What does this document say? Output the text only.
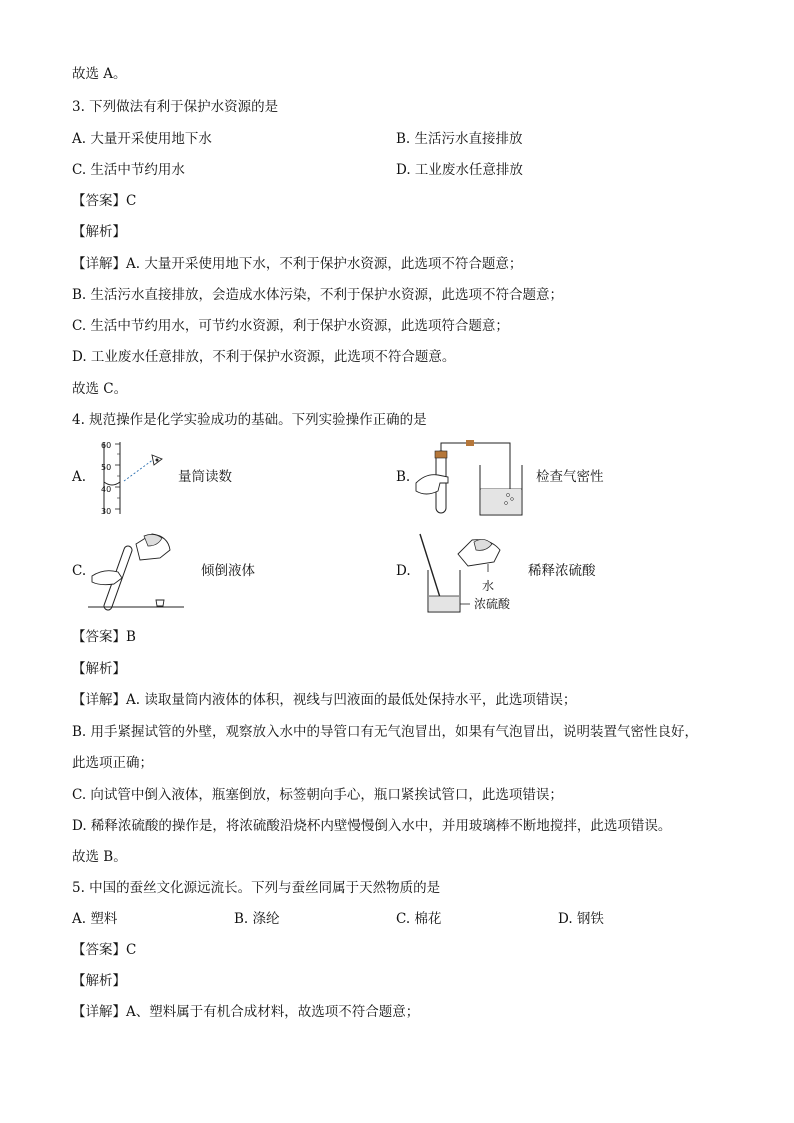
故选 A。
3. 下列做法有利于保护水资源的是
A. 大量开采使用地下水	B. 生活污水直接排放
C. 生活中节约用水	D. 工业废水任意排放
【答案】C
【解析】
【详解】A. 大量开采使用地下水，不利于保护水资源，此选项不符合题意；
B. 生活污水直接排放，会造成水体污染，不利于保护水资源，此选项不符合题意；
C. 生活中节约用水，可节约水资源，利于保护水资源，此选项符合题意；
D. 工业废水任意排放，不利于保护水资源，此选项不符合题意。
故选 C。
4. 规范操作是化学实验成功的基础。下列实验操作正确的是
A.
60
50
40
30
量筒读数	B.	检查气密性
C.	倾倒液体	D.	稀释浓硫酸
水
浓硫酸
【答案】B
【解析】
【详解】A. 读取量筒内液体的体积，视线与凹液面的最低处保持水平，此选项错误；
B. 用手紧握试管的外壁，观察放入水中的导管口有无气泡冒出，如果有气泡冒出，说明装置气密性良好，
此选项正确；
C. 向试管中倒入液体，瓶塞倒放，标签朝向手心，瓶口紧挨试管口，此选项错误；
D. 稀释浓硫酸的操作是，将浓硫酸沿烧杯内壁慢慢倒入水中，并用玻璃棒不断地搅拌，此选项错误。
故选 B。
5. 中国的蚕丝文化源远流长。下列与蚕丝同属于天然物质的是
A. 塑料	B. 涤纶	C. 棉花	D. 钢铁
【答案】C
【解析】
【详解】A、塑料属于有机合成材料，故选项不符合题意；
